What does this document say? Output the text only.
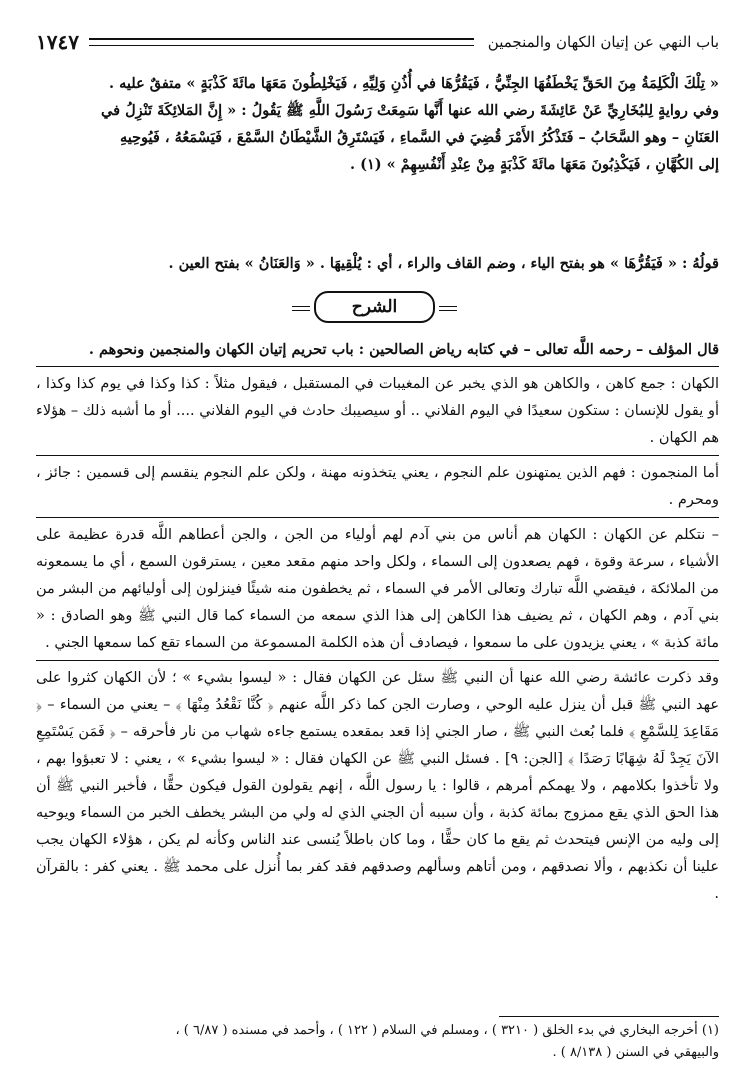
باب النهي عن إتيان الكهان والمنجمين
١٧٤٧

« تِلْكَ الْكَلِمَةُ مِنَ الحَقِّ يَخْطَفُهَا الجِنِّيُّ ، فَيَقُرُّهَا في أُذُنِ وَلِيِّهِ ، فَيَخْلِطُونَ مَعَهَا مائَةَ كَذْبَةٍ » متفقٌ عليه .

وفي روايةٍ لِلبُخَارِيِّ عَنْ عَائِشَةَ رضي الله عنها أَنَّها سَمِعَتْ رَسُولَ اللَّهِ ﷺ يَقُولُ : « إِنَّ المَلائِكَةَ تَنْزِلُ في

العَنَانِ – وهو السَّحَابُ – فَتَذْكُرُ الأَمْرَ قُضِيَ في السَّماءِ ، فَيَسْتَرِقُ الشَّيْطَانُ السَّمْعَ ، فَيَسْمَعُهُ ، فَيُوحِيهِ

إلى الكُهَّانِ ، فَيَكْذِبُونَ مَعَهَا مائَةَ كَذْبَةٍ مِنْ عِنْدِ أَنْفُسِهِمْ » (١) .

قولُهُ : « فَيَقُرُّهَا » هو بفتح الياء ، وضم القاف والراء ، أي : يُلْقِيهَا . « وَالعَنَانُ » بفتح العين .

الشرح

قال المؤلف – رحمه اللَّه تعالى – في كتابه رياض الصالحين : باب تحريم إتيان الكهان والمنجمين ونحوهم .

الكهان : جمع كاهن ، والكاهن هو الذي يخبر عن المغيبات في المستقبل ، فيقول مثلاً : كذا وكذا في يوم كذا وكذا ، أو يقول للإنسان : ستكون سعيدًا في اليوم الفلاني .. أو سيصيبك حادث في اليوم الفلاني .... أو ما أشبه ذلك – هؤلاء هم الكهان .

أما المنجمون : فهم الذين يمتهنون علم النجوم ، يعني يتخذونه مهنة ، ولكن علم النجوم ينقسم إلى قسمين : جائز ، ومحرم .

– نتكلم عن الكهان : الكهان هم أناس من بني آدم لهم أولياء من الجن ، والجن أعطاهم اللَّه قدرة عظيمة على الأشياء ، سرعة وقوة ، فهم يصعدون إلى السماء ، ولكل واحد منهم مقعد معين ، يسترقون السمع ، أي ما يسمعونه من الملائكة ، فيقضي اللَّه تبارك وتعالى الأمر في السماء ، ثم يخطفون منه شيئًا فينزلون إلى أوليائهم من البشر من بني آدم ، وهم الكهان ، ثم يضيف هذا الكاهن إلى هذا الذي سمعه من السماء كما قال النبي ﷺ وهو الصادق : « مائة كذبة » ، يعني يزيدون على ما سمعوا ، فيصادف أن هذه الكلمة المسموعة من السماء تقع كما سمعها الجني .

وقد ذكرت عائشة رضي الله عنها أن النبي ﷺ سئل عن الكهان فقال : « ليسوا بشيء » ؛ لأن الكهان كثروا على عهد النبي ﷺ قبل أن ينزل عليه الوحي ، وصارت الجن كما ذكر اللَّه عنهم ﴿ كُنَّا نَقْعُدُ مِنْهَا ﴾ – يعني من السماء – ﴿ مَقَاعِدَ لِلسَّمْعِ ﴾ فلما بُعث النبي ﷺ ، صار الجني إذا قعد بمقعده يستمع جاءه شهاب من نار فأحرقه – ﴿ فَمَن يَسْتَمِعِ الآنَ يَجِدْ لَهُ شِهَابًا رَصَدًا ﴾ [الجن: ٩] . فسئل النبي ﷺ عن الكهان فقال : « ليسوا بشيء » ، يعني : لا تعبؤوا بهم ، ولا تأخذوا بكلامهم ، ولا يهمكم أمرهم ، قالوا : يا رسول اللَّه ، إنهم يقولون القول فيكون حقًّا ، فأخبر النبي ﷺ أن هذا الحق الذي يقع ممزوج بمائة كذبة ، وأن سببه أن الجني الذي له ولي من البشر يخطف الخبر من السماء ويوحيه إلى وليه من الإنس فيتحدث ثم يقع ما كان حقًّا ، وما كان باطلاً يُنسى عند الناس وكأنه لم يكن ، هؤلاء الكهان يجب علينا أن نكذبهم ، وألا نصدقهم ، ومن أتاهم وسألهم وصدقهم فقد كفر بما أُنزل على محمد ﷺ . يعني كفر : بالقرآن .

(١) أخرجه البخاري في بدء الخلق ( ٣٢١٠ ) ، ومسلم في السلام ( ١٢٢ ) ، وأحمد في مسنده ( ٦/٨٧ ) ،
والبيهقي في السنن ( ٨/١٣٨ ) .
